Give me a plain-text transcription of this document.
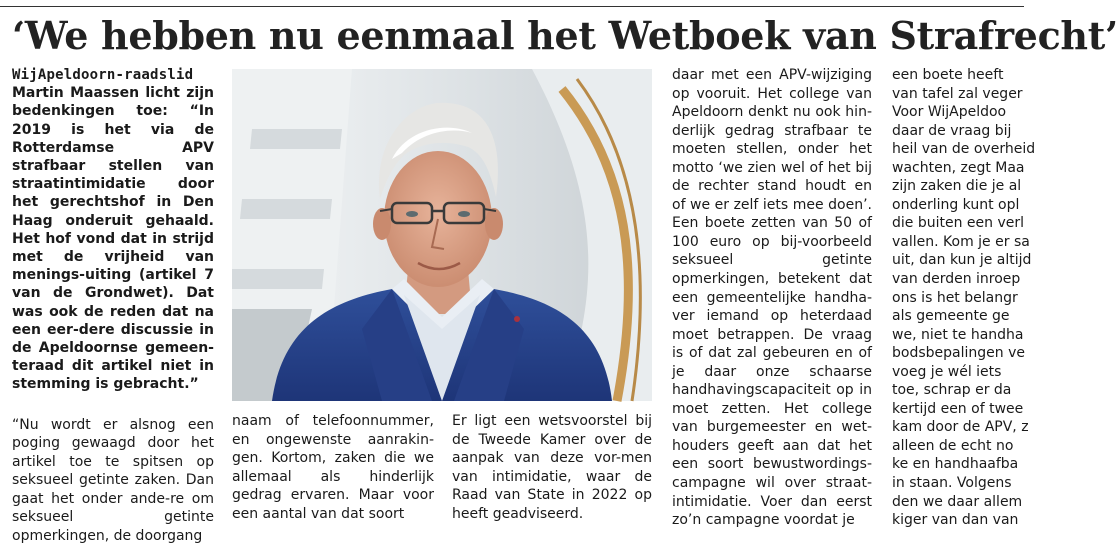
‘We hebben nu eenmaal het Wetboek van Strafrecht’

WijApeldoorn-raadslid Martin Maassen licht zijn bedenkingen toe: “In 2019 is het via de Rotterdamse APV strafbaar stellen van straatintimidatie door het gerechtshof in Den Haag onderuit gehaald. Het hof vond dat in strijd met de vrijheid van menings-uiting (artikel 7 van de Grondwet). Dat was ook de reden dat na een eer-dere discussie in de Apeldoornse gemeen-teraad dit artikel niet in stemming is gebracht.”

“Nu wordt er alsnog een poging gewaagd door het artikel toe te spitsen op seksueel getinte zaken. Dan gaat het onder ande-re om seksueel getinte opmerkingen, de doorgang

naam of telefoonnummer, en ongewenste aanrakin-gen. Kortom, zaken die we allemaal als hinderlijk gedrag ervaren. Maar voor een aantal van dat soort

Er ligt een wetsvoorstel bij de Tweede Kamer over de aanpak van deze vor-men van intimidatie, waar de Raad van State in 2022 op heeft geadviseerd.

daar met een APV-wijziging op vooruit. Het college van Apeldoorn denkt nu ook hin-derlijk gedrag strafbaar te moeten stellen, onder het motto ‘we zien wel of het bij de rechter stand houdt en of we er zelf iets mee doen’. Een boete zetten van 50 of 100 euro op bij-voorbeeld seksueel getinte opmerkingen, betekent dat een gemeentelijke handha-ver iemand op heterdaad moet betrappen. De vraag is of dat zal gebeuren en of je daar onze schaarse handhavingscapaciteit op in moet zetten. Het college van burgemeester en wet-houders geeft aan dat het een soort bewustwordings-campagne wil over straat-intimidatie. Voer dan eerst zo’n campagne voordat je

een boete heeft
van tafel zal veger
Voor WijApeldoo
daar de vraag bij
heil van de overheid
wachten, zegt Maa
zijn zaken die je al
onderling kunt opl
die buiten een verl
vallen. Kom je er sa
uit, dan kun je altijd
van derden inroep
ons is het belangr
als gemeente ge
we, niet te handha
bodsbepalingen ve
voeg je wél iets
toe, schrap er da
kertijd een of twee
kam door de APV, z
alleen de echt no
ke en handhaafba
in staan. Volgens
den we daar allem
kiger van dan van
